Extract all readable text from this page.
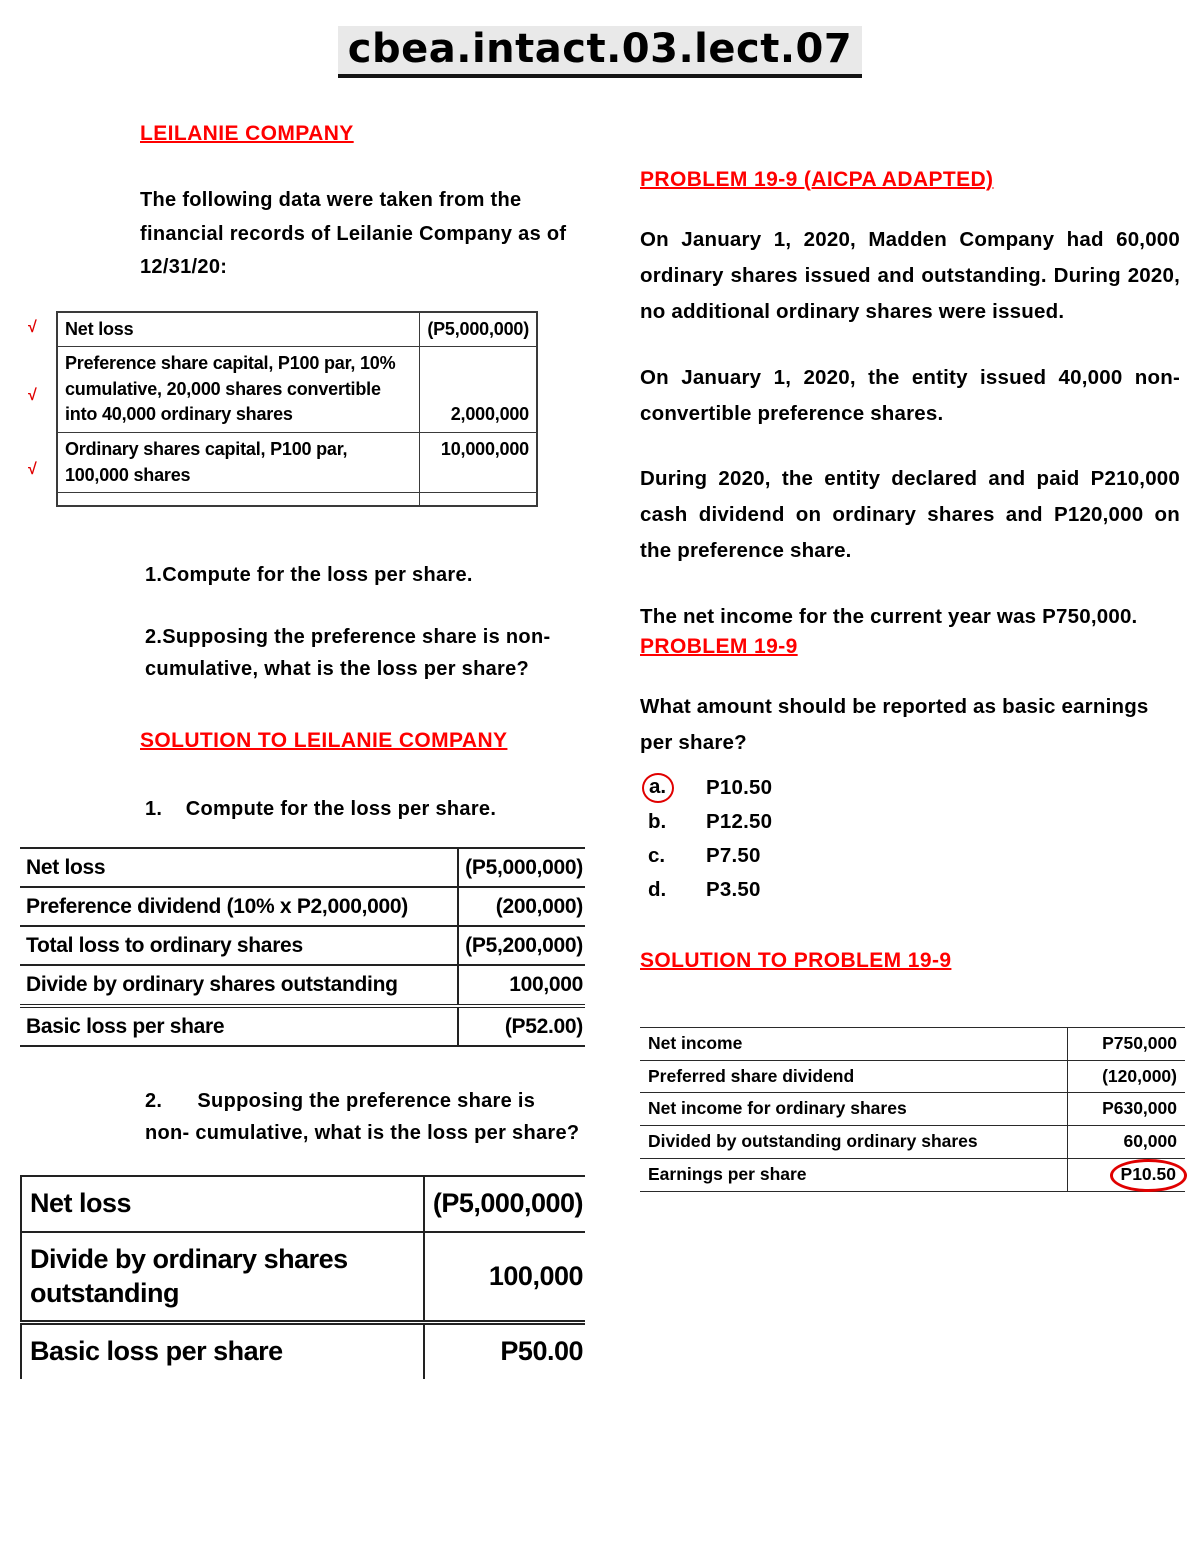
cbea.intact.03.lect.07
LEILANIE COMPANY

The following data were taken from the financial records of Leilanie Company as of 12/31/20:

√
√
√
Net loss	(P5,000,000)
Preference share capital, P100 par, 10% cumulative, 20,000 shares convertible into 40,000 ordinary shares	2,000,000
Ordinary shares capital, P100 par, 100,000 shares	10,000,000

1.Compute for the loss per share.

2.Supposing the preference share is non- cumulative, what is the loss per share?

SOLUTION TO LEILANIE COMPANY

1.    Compute for the loss per share.

Net loss	(P5,000,000)
Preference dividend (10% x P2,000,000)	(200,000)
Total loss to ordinary shares	(P5,200,000)
Divide by ordinary shares outstanding	100,000
Basic loss per share	(P52.00)

2.      Supposing the preference share is non- cumulative, what is the loss per share?

Net loss	(P5,000,000)
Divide by ordinary shares outstanding	100,000
Basic loss per share	P50.00
PROBLEM 19-9 (AICPA ADAPTED)

On January 1, 2020, Madden Company had 60,000 ordinary shares issued and outstanding. During 2020, no additional ordinary shares were issued.

On January 1, 2020, the entity issued 40,000 non-convertible preference shares.

During 2020, the entity declared and paid P210,000 cash dividend on ordinary shares and P120,000 on the preference share.

The net income for the current year was P750,000.

PROBLEM 19-9

What amount should be reported as basic earnings per share?

a.	P10.50
b.	P12.50
c.	P7.50
d.	P3.50
SOLUTION TO PROBLEM 19-9
Net income	P750,000
Preferred share dividend	(120,000)
Net income for ordinary shares	P630,000
Divided by outstanding ordinary shares	60,000
Earnings per share	P10.50
